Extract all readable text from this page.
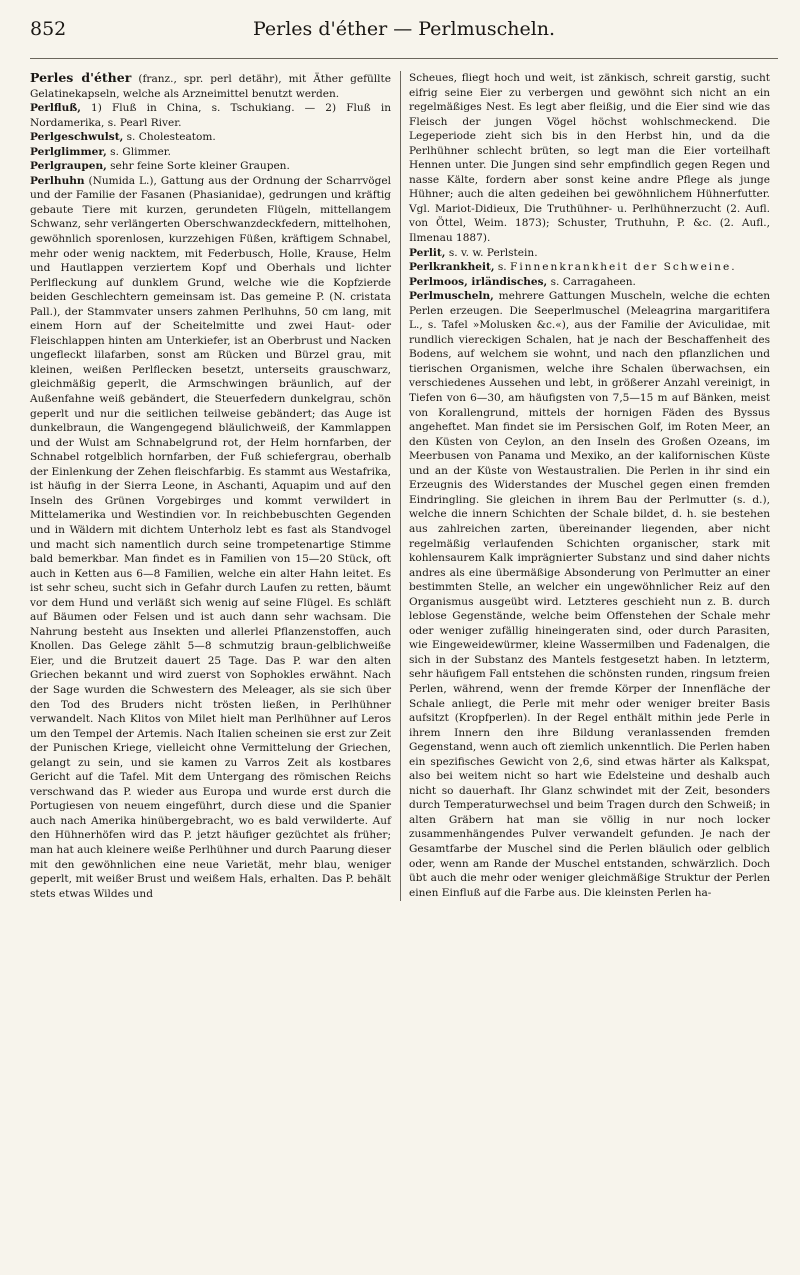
852	Perles d'éther — Perlmuscheln.

Perles d'éther (franz., spr. perl detähr), mit Äther gefüllte Gelatinekapseln, welche als Arzneimittel benutzt werden.

Perlfluß, 1) Fluß in China, s. Tschukiang. — 2) Fluß in Nordamerika, s. Pearl River.

Perlgeschwulst, s. Cholesteatom.

Perlglimmer, s. Glimmer.

Perlgraupen, sehr feine Sorte kleiner Graupen.

Perlhuhn (Numida L.), Gattung aus der Ordnung der Scharrvögel und der Familie der Fasanen (Phasianidae), gedrungen und kräftig gebaute Tiere mit kurzen, gerundeten Flügeln, mittellangem Schwanz, sehr verlängerten Oberschwanzdeckfedern, mittelhohen, gewöhnlich sporenlosen, kurzzehigen Füßen, kräftigem Schnabel, mehr oder wenig nacktem, mit Federbusch, Holle, Krause, Helm und Hautlappen verziertem Kopf und Oberhals und lichter Perlfleckung auf dunklem Grund, welche wie die Kopfzierde beiden Geschlechtern gemeinsam ist. Das gemeine P. (N. cristata Pall.), der Stammvater unsers zahmen Perlhuhns, 50 cm lang, mit einem Horn auf der Scheitelmitte und zwei Haut- oder Fleischlappen hinten am Unterkiefer, ist an Oberbrust und Nacken ungefleckt lilafarben, sonst am Rücken und Bürzel grau, mit kleinen, weißen Perlflecken besetzt, unterseits grauschwarz, gleichmäßig geperlt, die Armschwingen bräunlich, auf der Außenfahne weiß gebändert, die Steuerfedern dunkelgrau, schön geperlt und nur die seitlichen teilweise gebändert; das Auge ist dunkelbraun, die Wangengegend bläulichweiß, der Kammlappen und der Wulst am Schnabelgrund rot, der Helm hornfarben, der Schnabel rotgelblich hornfarben, der Fuß schiefergrau, oberhalb der Einlenkung der Zehen fleischfarbig. Es stammt aus Westafrika, ist häufig in der Sierra Leone, in Aschanti, Aquapim und auf den Inseln des Grünen Vorgebirges und kommt verwildert in Mittelamerika und Westindien vor. In reichbebuschten Gegenden und in Wäldern mit dichtem Unterholz lebt es fast als Standvogel und macht sich namentlich durch seine trompetenartige Stimme bald bemerkbar. Man findet es in Familien von 15—20 Stück, oft auch in Ketten aus 6—8 Familien, welche ein alter Hahn leitet. Es ist sehr scheu, sucht sich in Gefahr durch Laufen zu retten, bäumt vor dem Hund und verläßt sich wenig auf seine Flügel. Es schläft auf Bäumen oder Felsen und ist auch dann sehr wachsam. Die Nahrung besteht aus Insekten und allerlei Pflanzenstoffen, auch Knollen. Das Gelege zählt 5—8 schmutzig braun-gelblichweiße Eier, und die Brutzeit dauert 25 Tage. Das P. war den alten Griechen bekannt und wird zuerst von Sophokles erwähnt. Nach der Sage wurden die Schwestern des Meleager, als sie sich über den Tod des Bruders nicht trösten ließen, in Perlhühner verwandelt. Nach Klitos von Milet hielt man Perlhühner auf Leros um den Tempel der Artemis. Nach Italien scheinen sie erst zur Zeit der Punischen Kriege, vielleicht ohne Vermittelung der Griechen, gelangt zu sein, und sie kamen zu Varros Zeit als kostbares Gericht auf die Tafel. Mit dem Untergang des römischen Reichs verschwand das P. wieder aus Europa und wurde erst durch die Portugiesen von neuem eingeführt, durch diese und die Spanier auch nach Amerika hinübergebracht, wo es bald verwilderte. Auf den Hühnerhöfen wird das P. jetzt häufiger gezüchtet als früher; man hat auch kleinere weiße Perlhühner und durch Paarung dieser mit den gewöhnlichen eine neue Varietät, mehr blau, weniger geperlt, mit weißer Brust und weißem Hals, erhalten. Das P. behält stets etwas Wildes und

Scheues, fliegt hoch und weit, ist zänkisch, schreit garstig, sucht eifrig seine Eier zu verbergen und gewöhnt sich nicht an ein regelmäßiges Nest. Es legt aber fleißig, und die Eier sind wie das Fleisch der jungen Vögel höchst wohlschmeckend. Die Legeperiode zieht sich bis in den Herbst hin, und da die Perlhühner schlecht brüten, so legt man die Eier vorteilhaft Hennen unter. Die Jungen sind sehr empfindlich gegen Regen und nasse Kälte, fordern aber sonst keine andre Pflege als junge Hühner; auch die alten gedeihen bei gewöhnlichem Hühnerfutter. Vgl. Mariot-Didieux, Die Truthühner- u. Perlhühnerzucht (2. Aufl. von Öttel, Weim. 1873); Schuster, Truthuhn, P. &c. (2. Aufl., Ilmenau 1887).

Perlit, s. v. w. Perlstein.

Perlkrankheit, s. Finnenkrankheit der Schweine.

Perlmoos, irländisches, s. Carragaheen.

Perlmuscheln, mehrere Gattungen Muscheln, welche die echten Perlen erzeugen. Die Seeperlmuschel (Meleagrina margaritifera L., s. Tafel »Molusken &c.«), aus der Familie der Aviculidae, mit rundlich viereckigen Schalen, hat je nach der Beschaffenheit des Bodens, auf welchem sie wohnt, und nach den pflanzlichen und tierischen Organismen, welche ihre Schalen überwachsen, ein verschiedenes Aussehen und lebt, in größerer Anzahl vereinigt, in Tiefen von 6—30, am häufigsten von 7,5—15 m auf Bänken, meist von Korallengrund, mittels der hornigen Fäden des Byssus angeheftet. Man findet sie im Persischen Golf, im Roten Meer, an den Küsten von Ceylon, an den Inseln des Großen Ozeans, im Meerbusen von Panama und Mexiko, an der kalifornischen Küste und an der Küste von Westaustralien. Die Perlen in ihr sind ein Erzeugnis des Widerstandes der Muschel gegen einen fremden Eindringling. Sie gleichen in ihrem Bau der Perlmutter (s. d.), welche die innern Schichten der Schale bildet, d. h. sie bestehen aus zahlreichen zarten, übereinander liegenden, aber nicht regelmäßig verlaufenden Schichten organischer, stark mit kohlensaurem Kalk imprägnierter Substanz und sind daher nichts andres als eine übermäßige Absonderung von Perlmutter an einer bestimmten Stelle, an welcher ein ungewöhnlicher Reiz auf den Organismus ausgeübt wird. Letzteres geschieht nun z. B. durch leblose Gegenstände, welche beim Offenstehen der Schale mehr oder weniger zufällig hineingeraten sind, oder durch Parasiten, wie Eingeweidewürmer, kleine Wassermilben und Fadenalgen, die sich in der Substanz des Mantels festgesetzt haben. In letzterm, sehr häufigem Fall entstehen die schönsten runden, ringsum freien Perlen, während, wenn der fremde Körper der Innenfläche der Schale anliegt, die Perle mit mehr oder weniger breiter Basis aufsitzt (Kropfperlen). In der Regel enthält mithin jede Perle in ihrem Innern den ihre Bildung veranlassenden fremden Gegenstand, wenn auch oft ziemlich unkenntlich. Die Perlen haben ein spezifisches Gewicht von 2,6, sind etwas härter als Kalkspat, also bei weitem nicht so hart wie Edelsteine und deshalb auch nicht so dauerhaft. Ihr Glanz schwindet mit der Zeit, besonders durch Temperaturwechsel und beim Tragen durch den Schweiß; in alten Gräbern hat man sie völlig in nur noch locker zusammenhängendes Pulver verwandelt gefunden. Je nach der Gesamtfarbe der Muschel sind die Perlen bläulich oder gelblich oder, wenn am Rande der Muschel entstanden, schwärzlich. Doch übt auch die mehr oder weniger gleichmäßige Struktur der Perlen einen Einfluß auf die Farbe aus. Die kleinsten Perlen ha-
